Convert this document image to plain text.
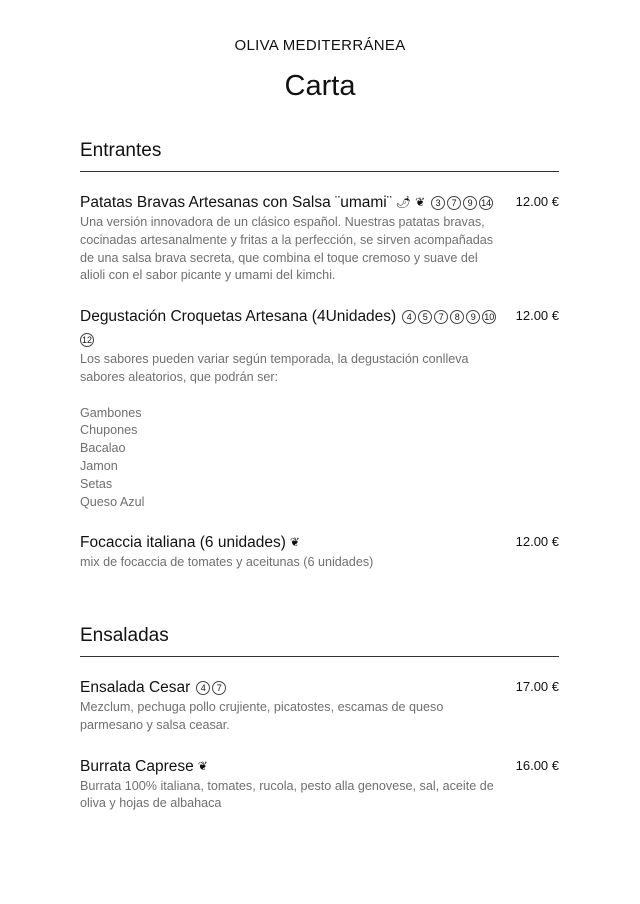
OLIVA MEDITERRÁNEA
Carta
Entrantes
Patatas Bravas Artesanas con Salsa ¨umami¨ 🌶 ❦ 3 7 9 14
Una versión innovadora de un clásico español. Nuestras patatas bravas, cocinadas artesanalmente y fritas a la perfección, se sirven acompañadas de una salsa brava secreta, que combina el toque cremoso y suave del alioli con el sabor picante y umami del kimchi.
12.00 €
Degustación Croquetas Artesana (4Unidades) 4 5 7 8 9 1012
Los sabores pueden variar según temporada, la degustación conlleva sabores aleatorios, que podrán ser:

Gambones
Chupones
Bacalao
Jamon
Setas
Queso Azul
12.00 €
Focaccia italiana (6 unidades) ❦
mix de focaccia de tomates y aceitunas (6 unidades)
12.00 €
Ensaladas
Ensalada Cesar 4 7
Mezclum, pechuga pollo crujiente, picatostes, escamas de queso parmesano y salsa ceasar.
17.00 €
Burrata Caprese ❦
Burrata 100% italiana, tomates, rucola, pesto alla genovese, sal, aceite de oliva y hojas de albahaca
16.00 €
